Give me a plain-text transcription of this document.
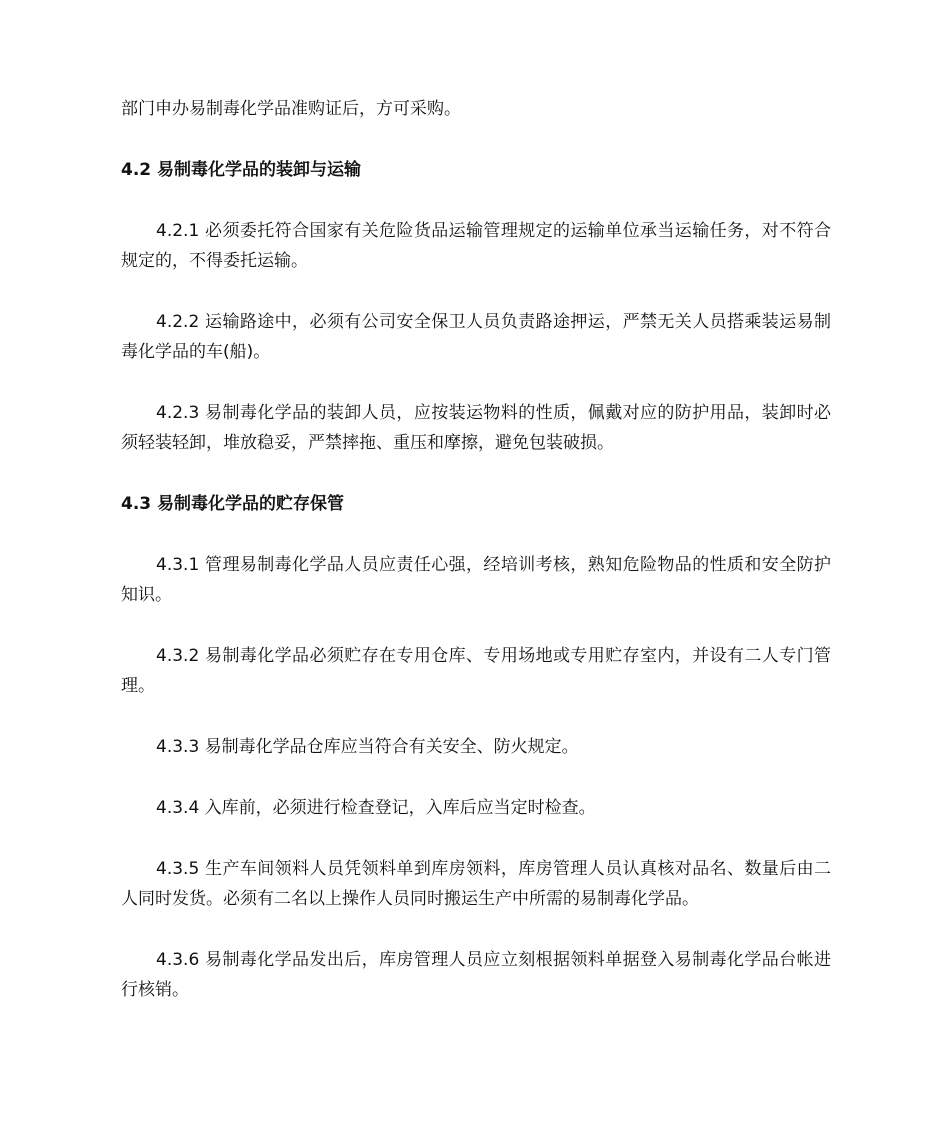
部门申办易制毒化学品准购证后，方可采购。

4.2 易制毒化学品的装卸与运输

4.2.1 必须委托符合国家有关危险货品运输管理规定的运输单位承当运输任务，对不符合规定的，不得委托运输。

4.2.2 运输路途中，必须有公司安全保卫人员负责路途押运，严禁无关人员搭乘装运易制毒化学品的车(船)。

4.2.3 易制毒化学品的装卸人员，应按装运物料的性质，佩戴对应的防护用品，装卸时必须轻装轻卸，堆放稳妥，严禁摔拖、重压和摩擦，避免包装破损。

4.3 易制毒化学品的贮存保管

4.3.1 管理易制毒化学品人员应责任心强，经培训考核，熟知危险物品的性质和安全防护知识。

4.3.2 易制毒化学品必须贮存在专用仓库、专用场地或专用贮存室内，并设有二人专门管理。

4.3.3 易制毒化学品仓库应当符合有关安全、防火规定。

4.3.4 入库前，必须进行检查登记，入库后应当定时检查。

4.3.5 生产车间领料人员凭领料单到库房领料，库房管理人员认真核对品名、数量后由二人同时发货。必须有二名以上操作人员同时搬运生产中所需的易制毒化学品。

4.3.6 易制毒化学品发出后，库房管理人员应立刻根据领料单据登入易制毒化学品台帐进行核销。
